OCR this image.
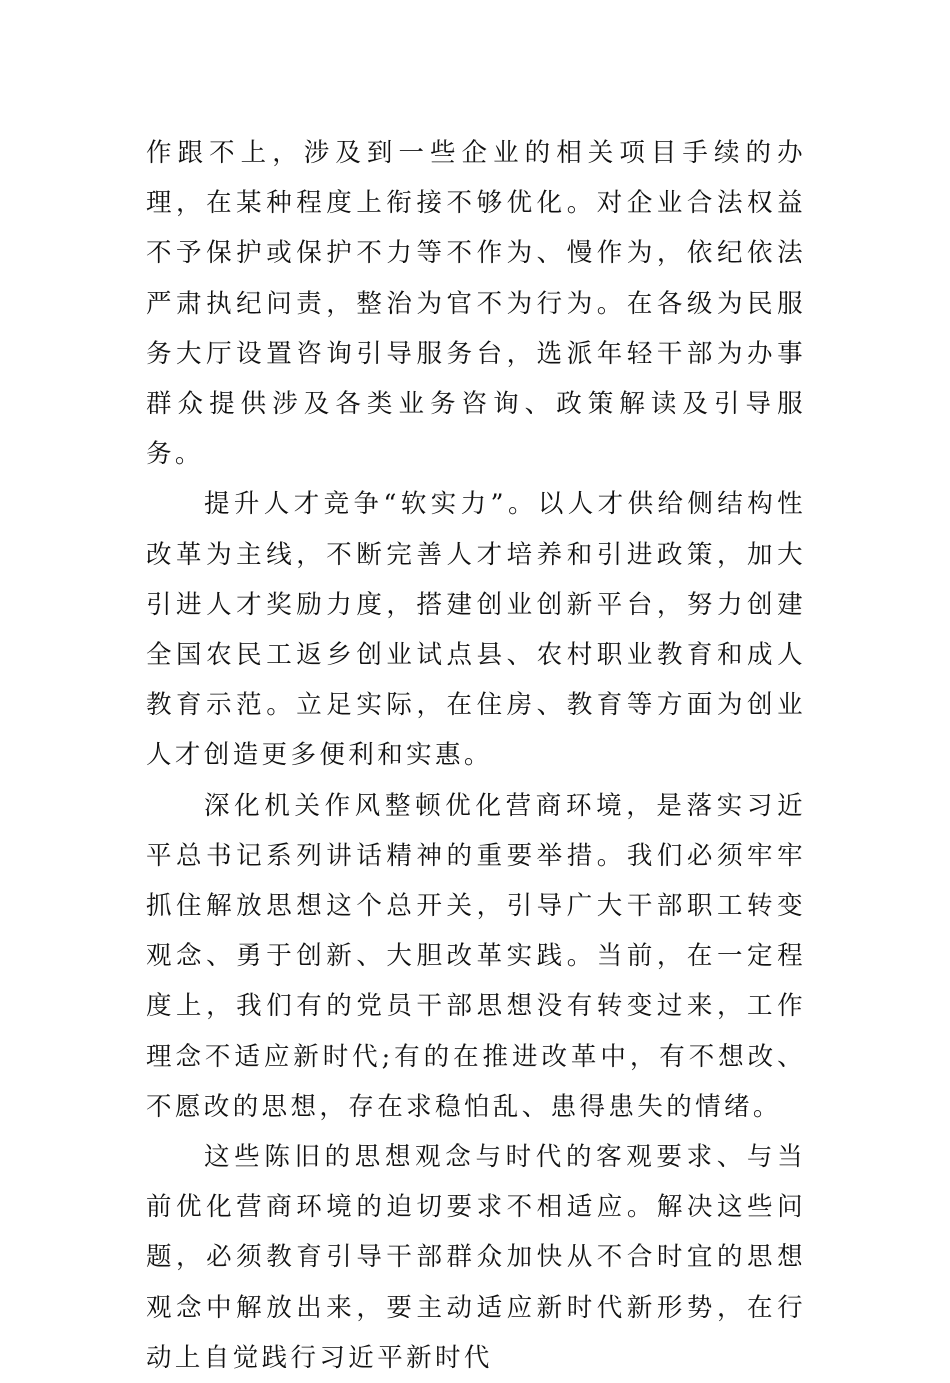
作跟不上，涉及到一些企业的相关项目手续的办理，在某种程度上衔接不够优化。对企业合法权益不予保护或保护不力等不作为、慢作为，依纪依法严肃执纪问责，整治为官不为行为。在各级为民服务大厅设置咨询引导服务台，选派年轻干部为办事群众提供涉及各类业务咨询、政策解读及引导服务。

提升人才竞争“软实力”。以人才供给侧结构性改革为主线，不断完善人才培养和引进政策，加大引进人才奖励力度，搭建创业创新平台，努力创建全国农民工返乡创业试点县、农村职业教育和成人教育示范。立足实际，在住房、教育等方面为创业人才创造更多便利和实惠。

深化机关作风整顿优化营商环境，是落实习近平总书记系列讲话精神的重要举措。我们必须牢牢抓住解放思想这个总开关，引导广大干部职工转变观念、勇于创新、大胆改革实践。当前，在一定程度上，我们有的党员干部思想没有转变过来，工作理念不适应新时代;有的在推进改革中，有不想改、不愿改的思想，存在求稳怕乱、患得患失的情绪。

这些陈旧的思想观念与时代的客观要求、与当前优化营商环境的迫切要求不相适应。解决这些问题，必须教育引导干部群众加快从不合时宜的思想观念中解放出来，要主动适应新时代新形势，在行动上自觉践行习近平新时代
